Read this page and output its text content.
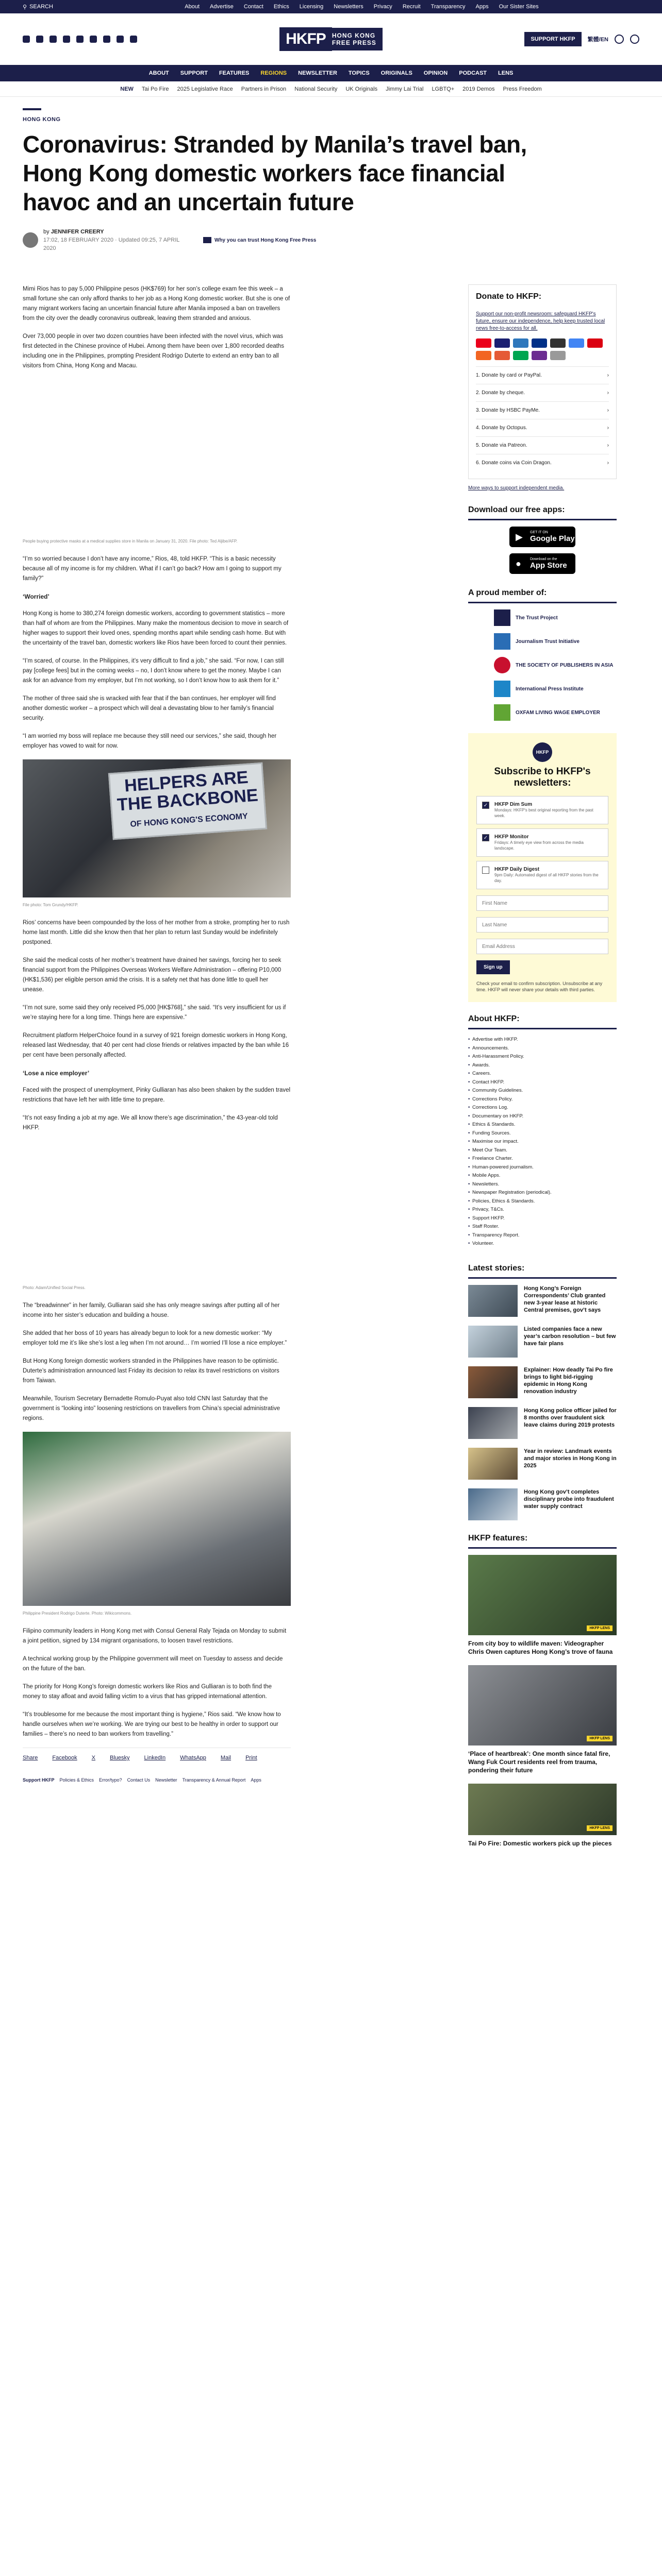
⚲ SEARCH	About Advertise Contact Ethics Licensing Newsletters Privacy Recruit Transparency Apps Our Sister Sites
HKFP	HONG KONG
FREE PRESS	SUPPORT HKFP	繁體/EN
ABOUT SUPPORT FEATURES REGIONS NEWSLETTER TOPICS ORIGINALS OPINION PODCAST LENS
NEW Tai Po Fire 2025 Legislative Race Partners in Prison National Security UK Originals Jimmy Lai Trial LGBTQ+ 2019 Demos Press Freedom
HONG KONG
Coronavirus: Stranded by Manila’s travel ban, Hong Kong domestic workers face financial havoc and an uncertain future
by JENNIFER CREERY
17:02, 18 FEBRUARY 2020 · Updated 09:25, 7 APRIL 2020
Why you can trust Hong Kong Free Press

Mimi Rios has to pay 5,000 Philippine pesos (HK$769) for her son’s college exam fee this week – a small fortune she can only afford thanks to her job as a Hong Kong domestic worker. But she is one of many migrant workers facing an uncertain financial future after Manila imposed a ban on travellers from the city over the deadly coronavirus outbreak, leaving them stranded and anxious.

Over 73,000 people in over two dozen countries have been infected with the novel virus, which was first detected in the Chinese province of Hubei. Among them have been over 1,800 recorded deaths including one in the Philippines, prompting President Rodrigo Duterte to extend an entry ban to all visitors from China, Hong Kong and Macau.

People buying protective masks at a medical supplies store in Manila on January 31, 2020. File photo: Ted Aljibe/AFP.

“I’m so worried because I don’t have any income,” Rios, 48, told HKFP. “This is a basic necessity because all of my income is for my children. What if I can’t go back? How am I going to support my family?”

‘Worried’

Hong Kong is home to 380,274 foreign domestic workers, according to government statistics – more than half of whom are from the Philippines. Many make the momentous decision to move in search of higher wages to support their loved ones, spending months apart while sending cash home. But with the uncertainty of the travel ban, domestic workers like Rios have been forced to count their pennies.

“I’m scared, of course. In the Philippines, it’s very difficult to find a job,” she said. “For now, I can still pay [college fees] but in the coming weeks – no, I don’t know where to get the money. Maybe I can ask for an advance from my employer, but I’m not working, so I don’t know how to ask them for it.”

The mother of three said she is wracked with fear that if the ban continues, her employer will find another domestic worker – a prospect which will deal a devastating blow to her family’s financial security.

“I am worried my boss will replace me because they still need our services,” she said, though her employer has vowed to wait for now.

HELPERS ARE THE BACKBONE
OF HONG KONG'S ECONOMY
File photo: Tom Grundy/HKFP.

Rios’ concerns have been compounded by the loss of her mother from a stroke, prompting her to rush home last month. Little did she know then that her plan to return last Sunday would be indefinitely postponed.

She said the medical costs of her mother’s treatment have drained her savings, forcing her to seek financial support from the Philippines Overseas Workers Welfare Administration – offering P10,000 (HK$1,536) per eligible person amid the crisis. It is a safety net that has done little to quell her unease.

“I’m not sure, some said they only received P5,000 [HK$768],” she said. “It’s very insufficient for us if we’re staying here for a long time. Things here are expensive.”

Recruitment platform HelperChoice found in a survey of 921 foreign domestic workers in Hong Kong, released last Wednesday, that 40 per cent had close friends or relatives impacted by the ban while 16 per cent have been personally affected.

‘Lose a nice employer’

Faced with the prospect of unemployment, Pinky Gulliaran has also been shaken by the sudden travel restrictions that have left her with little time to prepare.

“It’s not easy finding a job at my age. We all know there’s age discrimination,” the 43-year-old told HKFP.

Photo: Adam/Unified Social Press.

The “breadwinner” in her family, Gulliaran said she has only meagre savings after putting all of her income into her sister’s education and building a house.

She added that her boss of 10 years has already begun to look for a new domestic worker: “My employer told me it’s like she’s lost a leg when I’m not around… I’m worried I’ll lose a nice employer.”

But Hong Kong foreign domestic workers stranded in the Philippines have reason to be optimistic. Duterte’s administration announced last Friday its decision to relax its travel restrictions on visitors from Taiwan.

Meanwhile, Tourism Secretary Bernadette Romulo-Puyat also told CNN last Saturday that the government is “looking into” loosening restrictions on travellers from China’s special administrative regions.

Philippine President Rodrigo Duterte. Photo: Wikicommons.

Filipino community leaders in Hong Kong met with Consul General Raly Tejada on Monday to submit a joint petition, signed by 134 migrant organisations, to loosen travel restrictions.

A technical working group by the Philippine government will meet on Tuesday to assess and decide on the future of the ban.

The priority for Hong Kong’s foreign domestic workers like Rios and Gulliaran is to both find the money to stay afloat and avoid falling victim to a virus that has gripped international attention.

“It’s troublesome for me because the most important thing is hygiene,” Rios said. “We know how to handle ourselves when we’re working. We are trying our best to be healthy in order to support our families – there’s no need to ban workers from travelling.”

Share	Facebook	X	Bluesky	LinkedIn	WhatsApp	Mail	Print
Support HKFP Policies & Ethics Error/typo? Contact Us Newsletter Transparency & Annual Report Apps
Donate to HKFP:
Support our non-profit newsroom: safeguard HKFP's future, ensure our independence, help keep trusted local news free-to-access for all.
1. Donate by card or PayPal.	›
2. Donate by cheque.	›
3. Donate by HSBC PayMe.	›
4. Donate by Octopus.	›
5. Donate via Patreon.	›
6. Donate coins via Coin Dragon.	›
More ways to support independent media.
Download our free apps:
▶ GET IT ON
Google Play
● Download on the
App Store
A proud member of:
The Trust Project
Journalism Trust Initiative
THE SOCIETY OF PUBLISHERS IN ASIA
International Press Institute
OXFAM LIVING WAGE EMPLOYER
HKFP
Subscribe to HKFP's newsletters:
✓ HKFP Dim Sum
Mondays: HKFP's best original reporting from the past week.
✓ HKFP Monitor
Fridays: A timely eye view from across the media landscape.
HKFP Daily Digest
9pm Daily: Automated digest of all HKFP stories from the day.
First Name
Last Name
Email Address Sign up
Check your email to confirm subscription. Unsubscribe at any time. HKFP will never share your details with third parties.
About HKFP:
• Advertise with HKFP.
• Announcements.
• Anti-Harassment Policy.
• Awards.
• Careers.
• Contact HKFP.
• Community Guidelines.
• Corrections Policy.
• Corrections Log.
• Documentary on HKFP.
• Ethics & Standards.
• Funding Sources.
• Maximise our impact.
• Meet Our Team.
• Freelance Charter.
• Human-powered journalism.
• Mobile Apps.
• Newsletters.
• Newspaper Registration (periodical).
• Policies, Ethics & Standards.
• Privacy, T&Cs.
• Support HKFP.
• Staff Roster.
• Transparency Report.
• Volunteer.
Latest stories:
Hong Kong’s Foreign Correspondents’ Club granted new 3-year lease at historic Central premises, gov’t says
Listed companies face a new year’s carbon resolution – but few have fair plans
Explainer: How deadly Tai Po fire brings to light bid-rigging epidemic in Hong Kong renovation industry
Hong Kong police officer jailed for 8 months over fraudulent sick leave claims during 2019 protests
Year in review: Landmark events and major stories in Hong Kong in 2025
Hong Kong gov’t completes disciplinary probe into fraudulent water supply contract
HKFP features:
HKFP LENS
From city boy to wildlife maven: Videographer Chris Owen captures Hong Kong’s trove of fauna
HKFP LENS
‘Place of heartbreak’: One month since fatal fire, Wang Fuk Court residents reel from trauma, pondering their future
HKFP LENS
Tai Po Fire: Domestic workers pick up the pieces
